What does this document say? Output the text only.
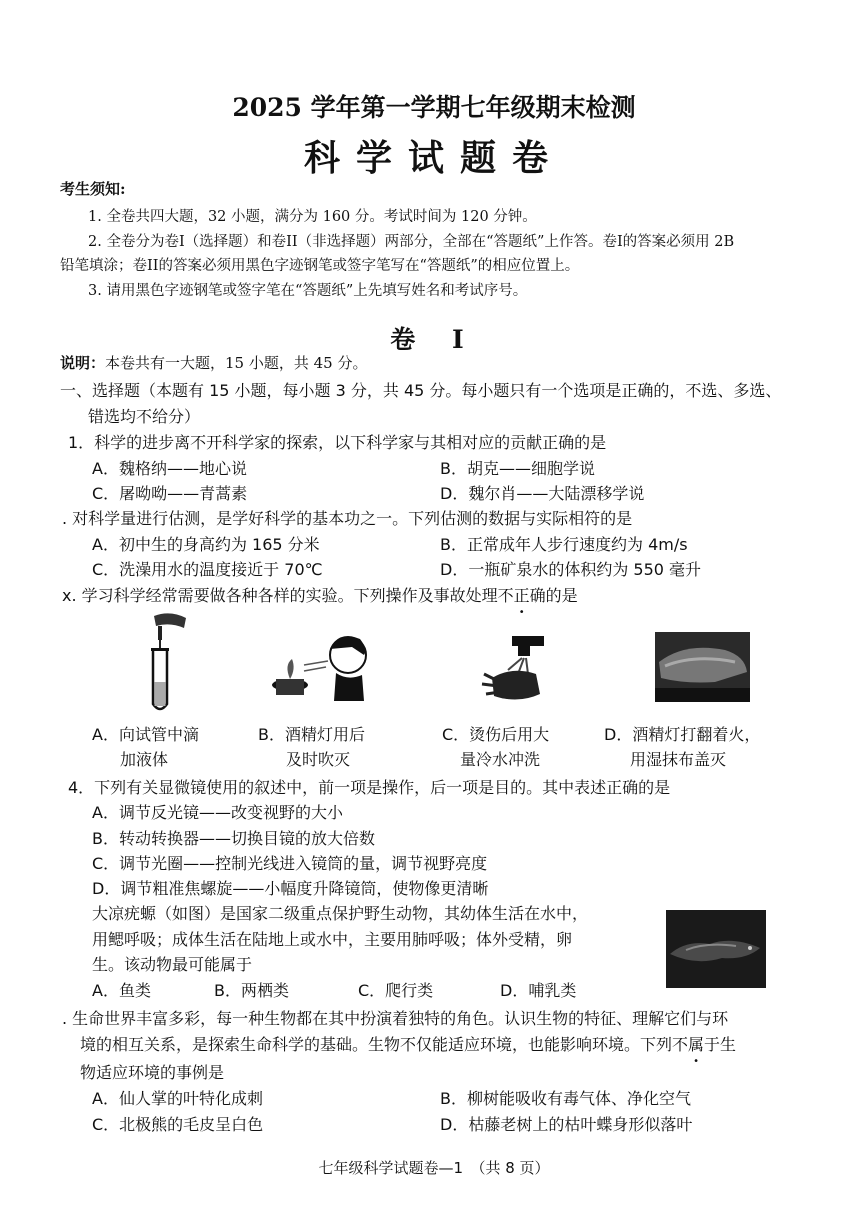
2025 学年第一学期七年级期末检测
科学试题卷
考生须知:
1. 全卷共四大题，32 小题，满分为 160 分。考试时间为 120 分钟。
2. 全卷分为卷I（选择题）和卷II（非选择题）两部分，全部在“答题纸”上作答。卷I的答案必须用 2B
铅笔填涂；卷II的答案必须用黑色字迹钢笔或签字笔写在“答题纸”的相应位置上。
3. 请用黑色字迹钢笔或签字笔在“答题纸”上先填写姓名和考试序号。
卷 I
说明：本卷共有一大题，15 小题，共 45 分。
一、选择题（本题有 15 小题，每小题 3 分，共 45 分。每小题只有一个选项是正确的，不选、多选、
错选均不给分）
1．科学的进步离不开科学家的探索，以下科学家与其相对应的贡献正确的是
A．魏格纳——地心说	B．胡克——细胞学说
C．屠呦呦——青蒿素	D．魏尔肖——大陆漂移学说
. 对科学量进行估测，是学好科学的基本功之一。下列估测的数据与实际相符的是
A．初中生的身高约为 165 分米	B．正常成年人步行速度约为 4m/s
C．洗澡用水的温度接近于 70℃	D．一瓶矿泉水的体积约为 550 毫升
ⅹ. 学习科学经常需要做各种各样的实验。下列操作及事故处理不正确的是
A．向试管中滴
加液体
B．酒精灯用后
及时吹灭
C．烫伤后用大
量冷水冲洗
D．酒精灯打翻着火，
用湿抹布盖灭
4．下列有关显微镜使用的叙述中，前一项是操作，后一项是目的。其中表述正确的是
A．调节反光镜——改变视野的大小
B．转动转换器——切换目镜的放大倍数
C．调节光圈——控制光线进入镜筒的量，调节视野亮度
D．调节粗准焦螺旋——小幅度升降镜筒，使物像更清晰
大凉疣螈（如图）是国家二级重点保护野生动物，其幼体生活在水中，
用鳃呼吸；成体生活在陆地上或水中，主要用肺呼吸；体外受精，卵
生。该动物最可能属于
A．鱼类	B．两栖类	C．爬行类	D．哺乳类
. 生命世界丰富多彩，每一种生物都在其中扮演着独特的角色。认识生物的特征、理解它们与环
境的相互关系，是探索生命科学的基础。生物不仅能适应环境，也能影响环境。下列不属于生
物适应环境的事例是
A．仙人掌的叶特化成刺	B．柳树能吸收有毒气体、净化空气
C．北极熊的毛皮呈白色	D．枯藤老树上的枯叶蝶身形似落叶
七年级科学试题卷—1　（共 8 页）
